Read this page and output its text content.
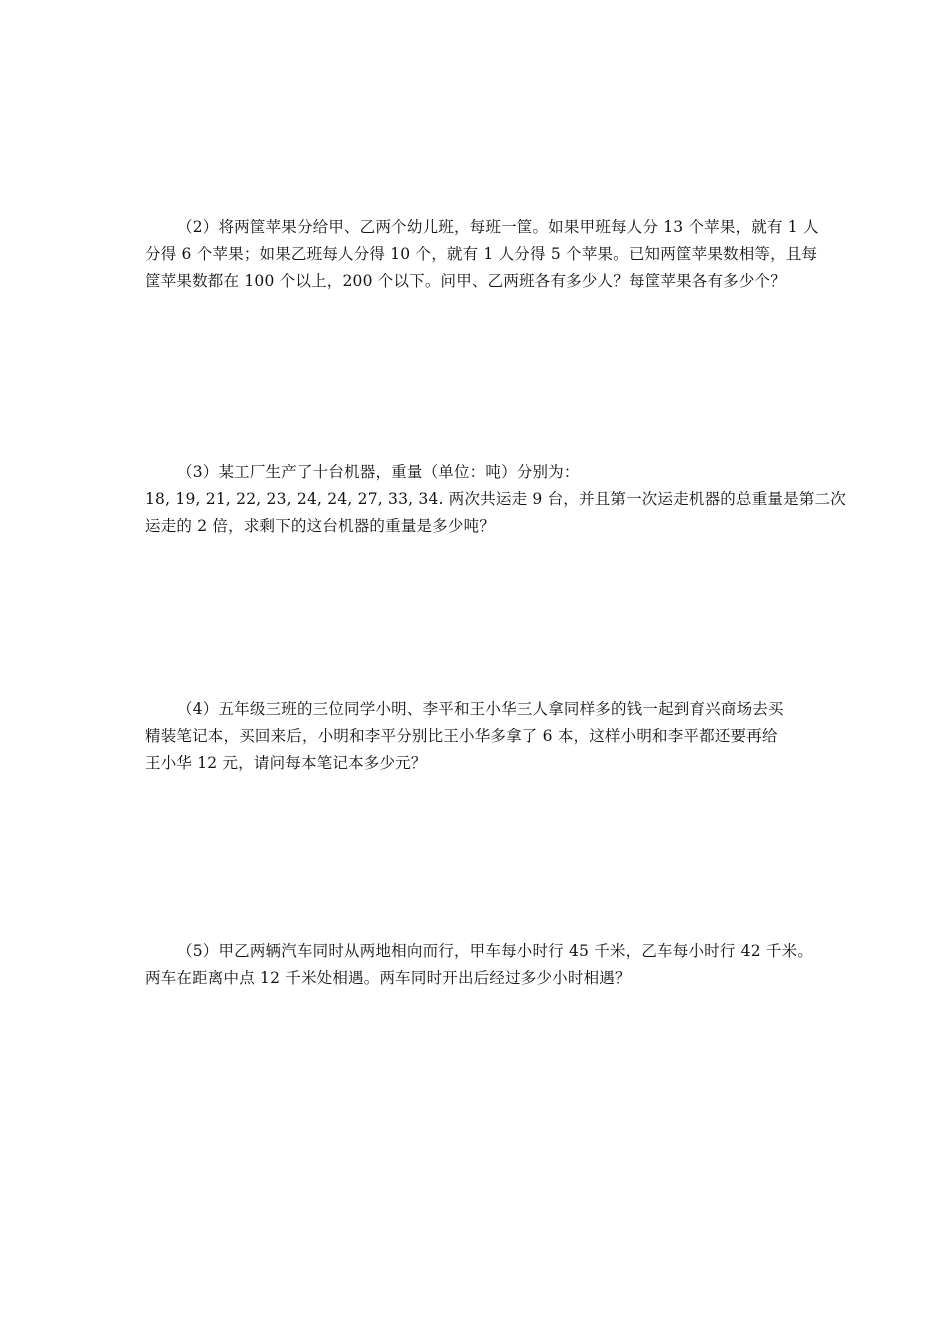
（2）将两筐苹果分给甲、乙两个幼儿班，每班一筐。如果甲班每人分 13 个苹果，就有 1 人
分得 6 个苹果；如果乙班每人分得 10 个，就有 1 人分得 5 个苹果。已知两筐苹果数相等，且每
筐苹果数都在 100 个以上，200 个以下。问甲、乙两班各有多少人？每筐苹果各有多少个？
（3）某工厂生产了十台机器，重量（单位：吨）分别为：
18, 19, 21, 22, 23, 24, 24, 27, 33, 34. 两次共运走 9 台，并且第一次运走机器的总重量是第二次
运走的 2 倍，求剩下的这台机器的重量是多少吨？
（4）五年级三班的三位同学小明、李平和王小华三人拿同样多的钱一起到育兴商场去买
精装笔记本，买回来后，小明和李平分别比王小华多拿了 6 本，这样小明和李平都还要再给
王小华 12 元，请问每本笔记本多少元？
（5）甲乙两辆汽车同时从两地相向而行，甲车每小时行 45 千米，乙车每小时行 42 千米。
两车在距离中点 12 千米处相遇。两车同时开出后经过多少小时相遇？
